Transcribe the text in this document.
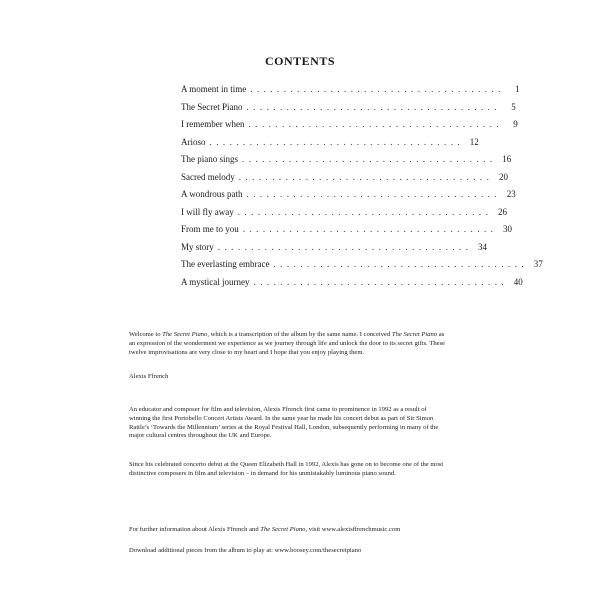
CONTENTS
A moment in time . . . . . . . . . . . . . . . . . . . . . . . . . . . . . . . . . . . . . .	1
The Secret Piano . . . . . . . . . . . . . . . . . . . . . . . . . . . . . . . . . . . . . .	5
I remember when . . . . . . . . . . . . . . . . . . . . . . . . . . . . . . . . . . . . . .	9
Arioso . . . . . . . . . . . . . . . . . . . . . . . . . . . . . . . . . . . . . .	12
The piano sings . . . . . . . . . . . . . . . . . . . . . . . . . . . . . . . . . . . . . .	16
Sacred melody . . . . . . . . . . . . . . . . . . . . . . . . . . . . . . . . . . . . . .	20
A wondrous path . . . . . . . . . . . . . . . . . . . . . . . . . . . . . . . . . . . . . .	23
I will fly away . . . . . . . . . . . . . . . . . . . . . . . . . . . . . . . . . . . . . .	26
From me to you . . . . . . . . . . . . . . . . . . . . . . . . . . . . . . . . . . . . . .	30
My story . . . . . . . . . . . . . . . . . . . . . . . . . . . . . . . . . . . . . .	34
The everlasting embrace . . . . . . . . . . . . . . . . . . . . . . . . . . . . . . . . . . . . . .	37
A mystical journey . . . . . . . . . . . . . . . . . . . . . . . . . . . . . . . . . . . . . .	40

Welcome to The Secret Piano, which is a transcription of the album by the same name. I conceived The Secret Piano as an expression of the wonderment we experience as we journey through life and unlock the door to its secret gifts. These twelve improvisations are very close to my heart and I hope that you enjoy playing them.

Alexis Ffrench
An educator and composer for film and television, Alexis Ffrench first came to prominence in 1992 as a result of winning the first Portobello Concert Artists Award. In the same year he made his concert debut as part of Sir Simon Rattle’s ‘Towards the Millennium’ series at the Royal Festival Hall, London, subsequently performing in many of the major cultural centres throughout the UK and Europe.
Since his celebrated concerto debut at the Queen Elizabeth Hall in 1992, Alexis has gone on to become one of the most distinctive composers in film and television – in demand for his unmistakably luminous piano sound.
For further information about Alexis Ffrench and The Secret Piano, visit www.alexisffrenchmusic.com
Download additional pieces from the album to play at: www.boosey.com/thesecretpiano
